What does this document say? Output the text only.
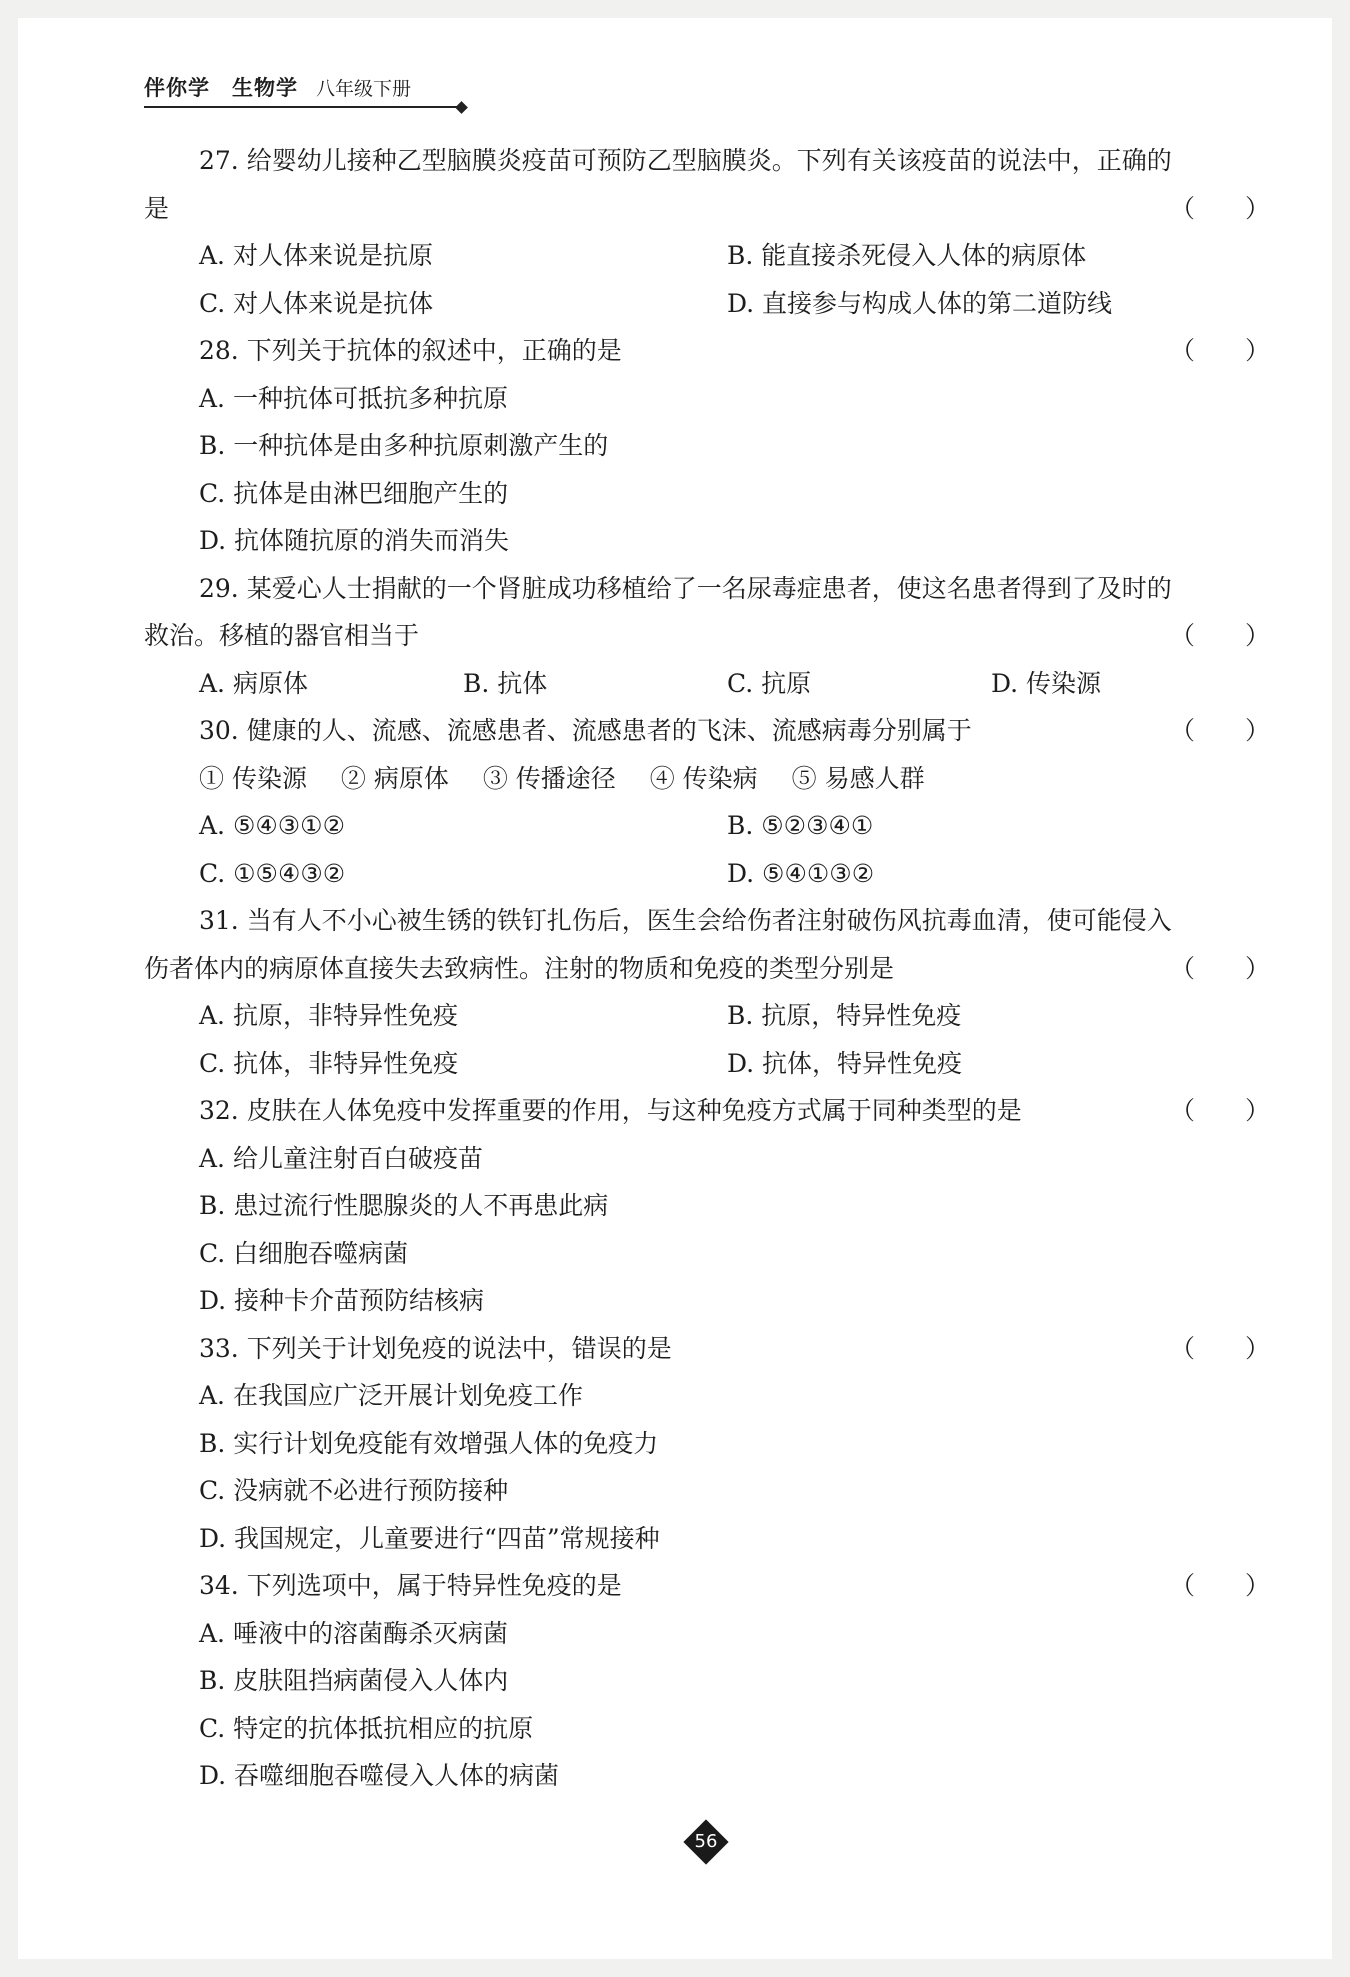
伴你学 生物学 八年级下册
27. 给婴幼儿接种乙型脑膜炎疫苗可预防乙型脑膜炎。下列有关该疫苗的说法中，正确的
是	（　　）
A. 对人体来说是抗原	B. 能直接杀死侵入人体的病原体
C. 对人体来说是抗体	D. 直接参与构成人体的第二道防线
28. 下列关于抗体的叙述中，正确的是	（　　）
A. 一种抗体可抵抗多种抗原
B. 一种抗体是由多种抗原刺激产生的
C. 抗体是由淋巴细胞产生的
D. 抗体随抗原的消失而消失
29. 某爱心人士捐献的一个肾脏成功移植给了一名尿毒症患者，使这名患者得到了及时的
救治。移植的器官相当于	（　　）
A. 病原体	B. 抗体	C. 抗原	D. 传染源
30. 健康的人、流感、流感患者、流感患者的飞沫、流感病毒分别属于	（　　）
① 传染源 ② 病原体 ③ 传播途径 ④ 传染病 ⑤ 易感人群
A. ⑤④③①②	B. ⑤②③④①
C. ①⑤④③②	D. ⑤④①③②
31. 当有人不小心被生锈的铁钉扎伤后，医生会给伤者注射破伤风抗毒血清，使可能侵入
伤者体内的病原体直接失去致病性。注射的物质和免疫的类型分别是	（　　）
A. 抗原，非特异性免疫	B. 抗原，特异性免疫
C. 抗体，非特异性免疫	D. 抗体，特异性免疫
32. 皮肤在人体免疫中发挥重要的作用，与这种免疫方式属于同种类型的是	（　　）
A. 给儿童注射百白破疫苗
B. 患过流行性腮腺炎的人不再患此病
C. 白细胞吞噬病菌
D. 接种卡介苗预防结核病
33. 下列关于计划免疫的说法中，错误的是	（　　）
A. 在我国应广泛开展计划免疫工作
B. 实行计划免疫能有效增强人体的免疫力
C. 没病就不必进行预防接种
D. 我国规定，儿童要进行“四苗”常规接种
34. 下列选项中，属于特异性免疫的是	（　　）
A. 唾液中的溶菌酶杀灭病菌
B. 皮肤阻挡病菌侵入人体内
C. 特定的抗体抵抗相应的抗原
D. 吞噬细胞吞噬侵入人体的病菌
56
